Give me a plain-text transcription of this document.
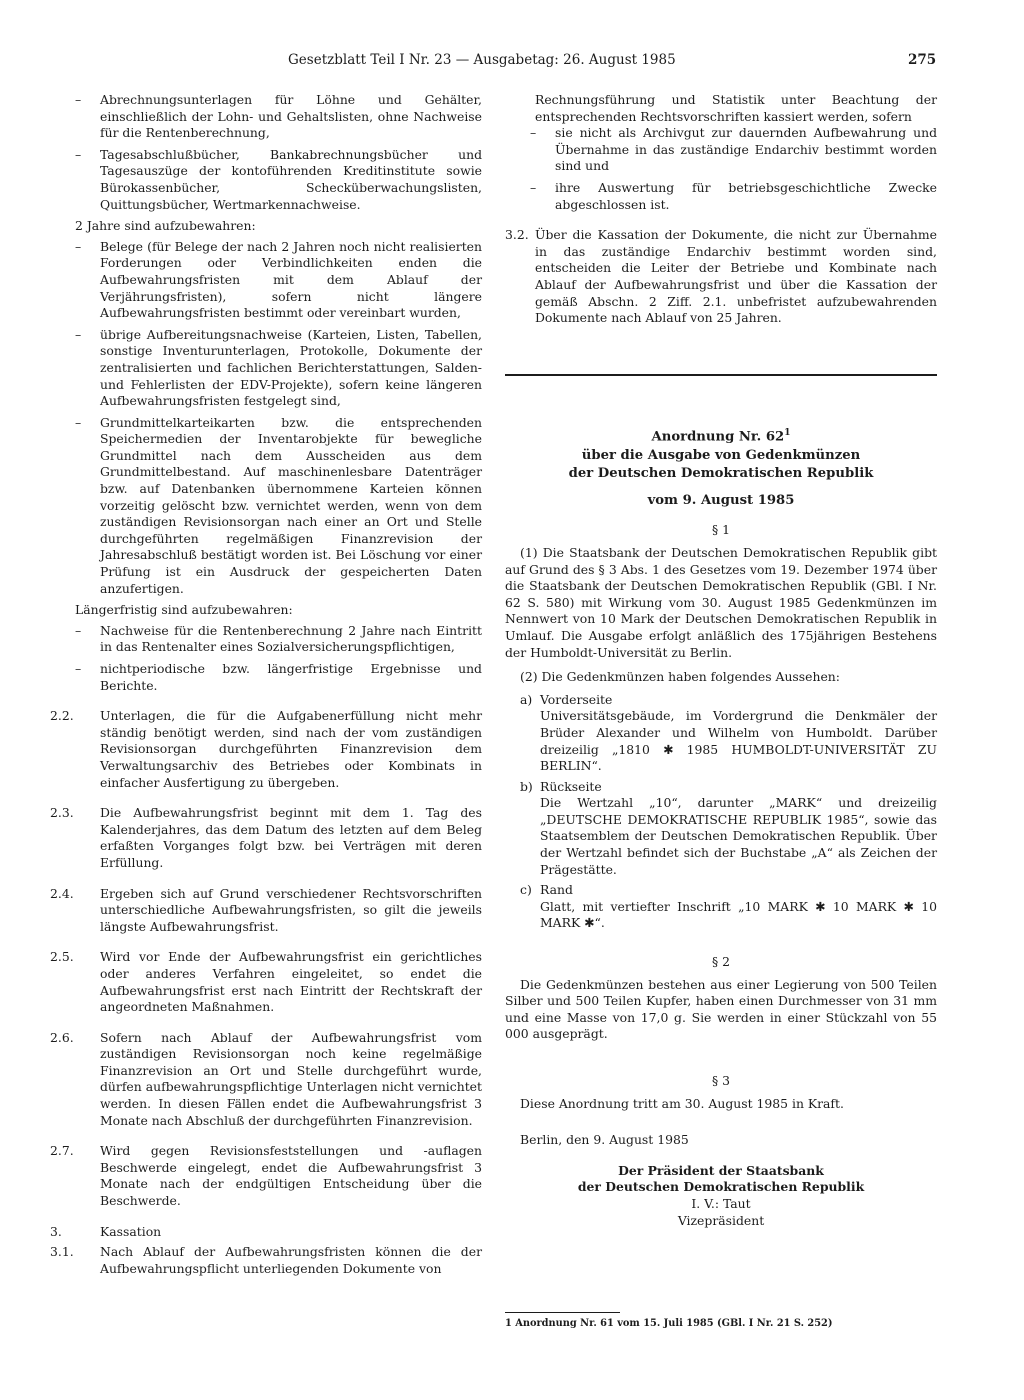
Gesetzblatt Teil I Nr. 23 — Ausgabetag: 26. August 1985	275

– Abrechnungsunterlagen für Löhne und Gehälter, einschließlich der Lohn- und Gehaltslisten, ohne Nachweise für die Rentenberechnung,

– Tagesabschlußbücher, Bankabrechnungsbücher und Tagesauszüge der kontoführenden Kreditinstitute sowie Bürokassenbücher, Schecküberwachungslisten, Quittungsbücher, Wertmarkennachweise.

2 Jahre sind aufzubewahren:

– Belege (für Belege der nach 2 Jahren noch nicht realisierten Forderungen oder Verbindlichkeiten enden die Aufbewahrungsfristen mit dem Ablauf der Verjährungsfristen), sofern nicht längere Aufbewahrungsfristen bestimmt oder vereinbart wurden,

– übrige Aufbereitungsnachweise (Karteien, Listen, Tabellen, sonstige Inventurunterlagen, Protokolle, Dokumente der zentralisierten und fachlichen Berichterstattungen, Salden- und Fehlerlisten der EDV-Projekte), sofern keine längeren Aufbewahrungsfristen festgelegt sind,

– Grundmittelkarteikarten bzw. die entsprechenden Speichermedien der Inventarobjekte für bewegliche Grundmittel nach dem Ausscheiden aus dem Grundmittelbestand. Auf maschinenlesbare Datenträger bzw. auf Datenbanken übernommene Karteien können vorzeitig gelöscht bzw. vernichtet werden, wenn von dem zuständigen Revisionsorgan nach einer an Ort und Stelle durchgeführten regelmäßigen Finanzrevision der Jahresabschluß bestätigt worden ist. Bei Löschung vor einer Prüfung ist ein Ausdruck der gespeicherten Daten anzufertigen.

Längerfristig sind aufzubewahren:

– Nachweise für die Rentenberechnung 2 Jahre nach Eintritt in das Rentenalter eines Sozialversicherungspflichtigen,

– nichtperiodische bzw. längerfristige Ergebnisse und Berichte.

2.2. Unterlagen, die für die Aufgabenerfüllung nicht mehr ständig benötigt werden, sind nach der vom zuständigen Revisionsorgan durchgeführten Finanzrevision dem Verwaltungsarchiv des Betriebes oder Kombinats in einfacher Ausfertigung zu übergeben.

2.3. Die Aufbewahrungsfrist beginnt mit dem 1. Tag des Kalenderjahres, das dem Datum des letzten auf dem Beleg erfaßten Vorganges folgt bzw. bei Verträgen mit deren Erfüllung.

2.4. Ergeben sich auf Grund verschiedener Rechtsvorschriften unterschiedliche Aufbewahrungsfristen, so gilt die jeweils längste Aufbewahrungsfrist.

2.5. Wird vor Ende der Aufbewahrungsfrist ein gerichtliches oder anderes Verfahren eingeleitet, so endet die Aufbewahrungsfrist erst nach Eintritt der Rechtskraft der angeordneten Maßnahmen.

2.6. Sofern nach Ablauf der Aufbewahrungsfrist vom zuständigen Revisionsorgan noch keine regelmäßige Finanzrevision an Ort und Stelle durchgeführt wurde, dürfen aufbewahrungspflichtige Unterlagen nicht vernichtet werden. In diesen Fällen endet die Aufbewahrungsfrist 3 Monate nach Abschluß der durchgeführten Finanzrevision.

2.7. Wird gegen Revisionsfeststellungen und -auflagen Beschwerde eingelegt, endet die Aufbewahrungsfrist 3 Monate nach der endgültigen Entscheidung über die Beschwerde.

3.	Kassation

3.1. Nach Ablauf der Aufbewahrungsfristen können die der Aufbewahrungspflicht unterliegenden Dokumente von

Rechnungsführung und Statistik unter Beachtung der entsprechenden Rechtsvorschriften kassiert werden, sofern

– sie nicht als Archivgut zur dauernden Aufbewahrung und Übernahme in das zuständige Endarchiv bestimmt worden sind und

– ihre Auswertung für betriebsgeschichtliche Zwecke abgeschlossen ist.

3.2. Über die Kassation der Dokumente, die nicht zur Übernahme in das zuständige Endarchiv bestimmt worden sind, entscheiden die Leiter der Betriebe und Kombinate nach Ablauf der Aufbewahrungsfrist und über die Kassation der gemäß Abschn. 2 Ziff. 2.1. unbefristet aufzubewahrenden Dokumente nach Ablauf von 25 Jahren.

Anordnung Nr. $62^1$
über die Ausgabe von Gedenkmünzen
der Deutschen Demokratischen Republik
vom 9. August 1985

§ 1

(1) Die Staatsbank der Deutschen Demokratischen Republik gibt auf Grund des § 3 Abs. 1 des Gesetzes vom 19. Dezember 1974 über die Staatsbank der Deutschen Demokratischen Republik (GBl. I Nr. 62 S. 580) mit Wirkung vom 30. August 1985 Gedenkmünzen im Nennwert von 10 Mark der Deutschen Demokratischen Republik in Umlauf. Die Ausgabe erfolgt anläßlich des 175jährigen Bestehens der Humboldt-Universität zu Berlin.

(2) Die Gedenkmünzen haben folgendes Aussehen:

a) Vorderseite
Universitätsgebäude, im Vordergrund die Denkmäler der Brüder Alexander und Wilhelm von Humboldt. Darüber dreizeilig „1810 ✱ 1985 HUMBOLDT-UNIVERSITÄT ZU BERLIN“.
b) Rückseite
Die Wertzahl „10“, darunter „MARK“ und dreizeilig „DEUTSCHE DEMOKRATISCHE REPUBLIK 1985“, sowie das Staatsemblem der Deutschen Demokratischen Republik. Über der Wertzahl befindet sich der Buchstabe „A“ als Zeichen der Prägestätte.
c) Rand
Glatt, mit vertiefter Inschrift „10 MARK ✱ 10 MARK ✱ 10 MARK ✱“.

§ 2

Die Gedenkmünzen bestehen aus einer Legierung von 500 Teilen Silber und 500 Teilen Kupfer, haben einen Durchmesser von 31 mm und eine Masse von 17,0 g. Sie werden in einer Stückzahl von 55 000 ausgeprägt.

§ 3

Diese Anordnung tritt am 30. August 1985 in Kraft.

Berlin, den 9. August 1985

Der Präsident der Staatsbank
der Deutschen Demokratischen Republik
I. V.: Taut
Vizepräsident
1 Anordnung Nr. 61 vom 15. Juli 1985 (GBl. I Nr. 21 S. 252)
